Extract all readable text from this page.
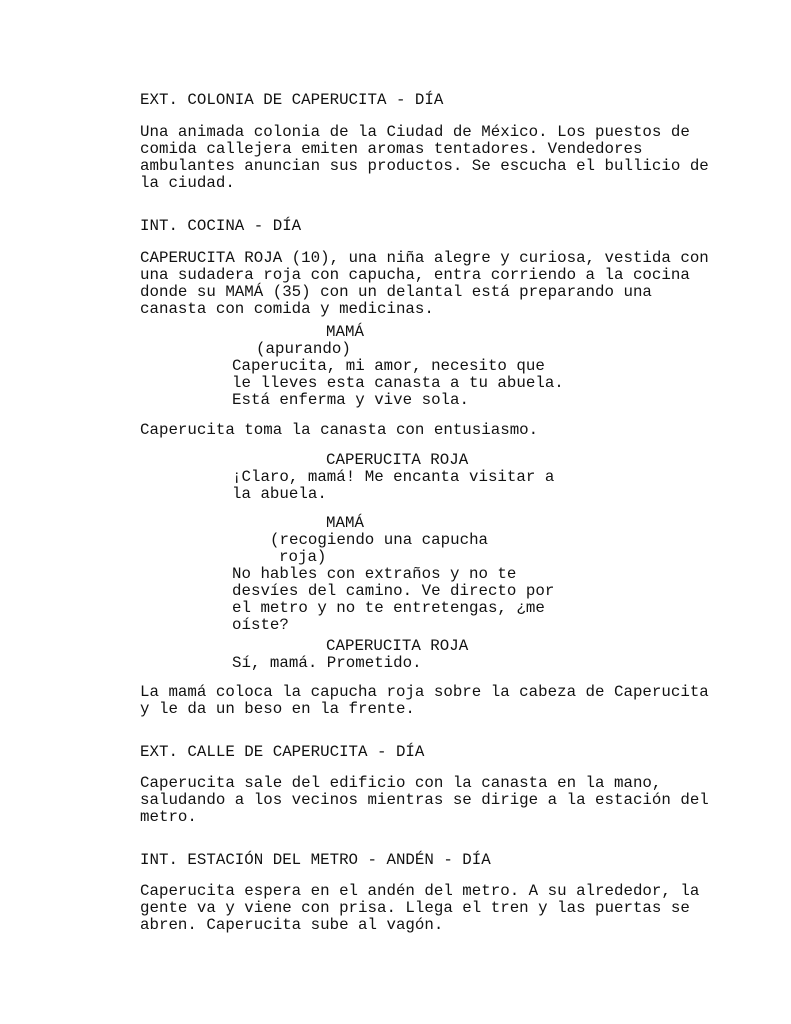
EXT. COLONIA DE CAPERUCITA - DÍA

Una animada colonia de la Ciudad de México. Los puestos de

comida callejera emiten aromas tentadores. Vendedores

ambulantes anuncian sus productos. Se escucha el bullicio de

la ciudad.

INT. COCINA - DÍA

CAPERUCITA ROJA (10), una niña alegre y curiosa, vestida con

una sudadera roja con capucha, entra corriendo a la cocina

donde su MAMÁ (35) con un delantal está preparando una

canasta con comida y medicinas.

MAMÁ

(apurando)

Caperucita, mi amor, necesito que

le lleves esta canasta a tu abuela.

Está enferma y vive sola.

Caperucita toma la canasta con entusiasmo.

CAPERUCITA ROJA

¡Claro, mamá! Me encanta visitar a

la abuela.

MAMÁ

(recogiendo una capucha

roja)

No hables con extraños y no te

desvíes del camino. Ve directo por

el metro y no te entretengas, ¿me

oíste?

CAPERUCITA ROJA

Sí, mamá. Prometido.

La mamá coloca la capucha roja sobre la cabeza de Caperucita

y le da un beso en la frente.

EXT. CALLE DE CAPERUCITA - DÍA

Caperucita sale del edificio con la canasta en la mano,

saludando a los vecinos mientras se dirige a la estación del

metro.

INT. ESTACIÓN DEL METRO - ANDÉN - DÍA

Caperucita espera en el andén del metro. A su alrededor, la

gente va y viene con prisa. Llega el tren y las puertas se

abren. Caperucita sube al vagón.
